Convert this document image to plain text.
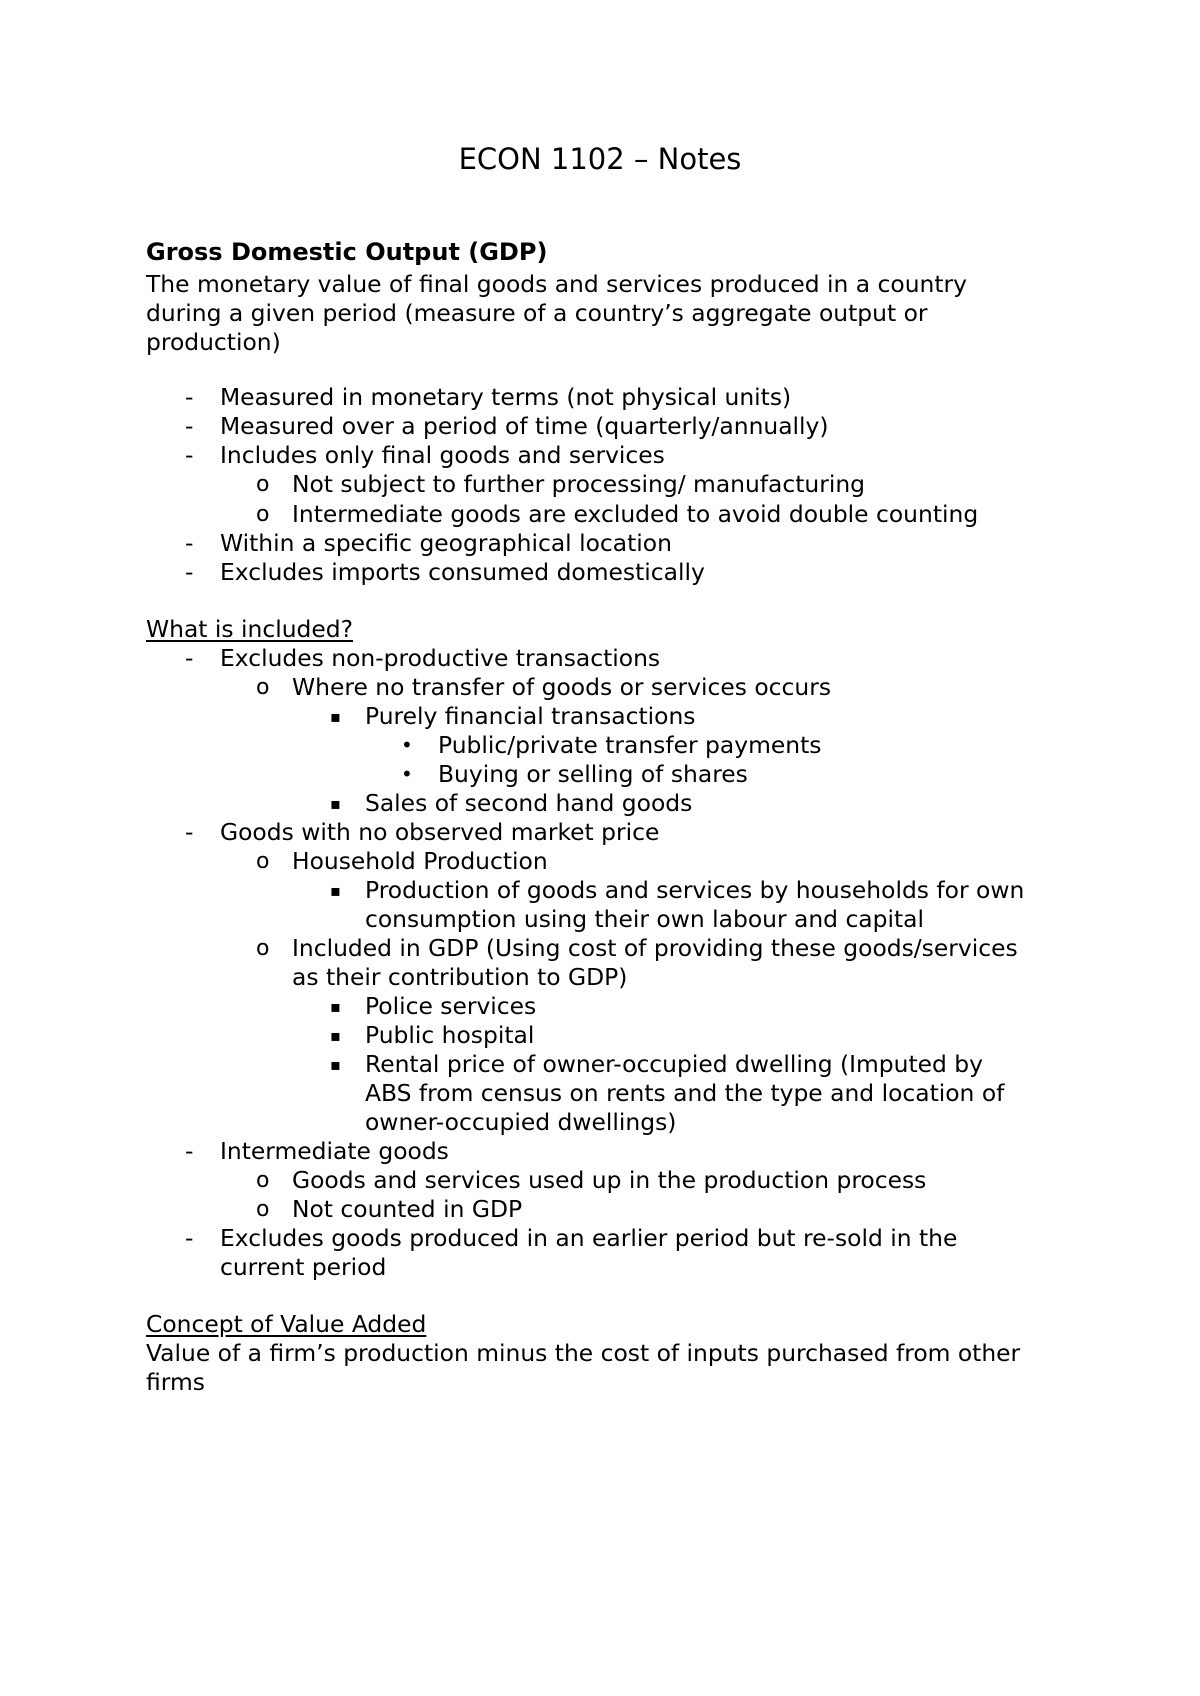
ECON 1102 – Notes
Gross Domestic Output (GDP)
The monetary value of final goods and services produced in a country
during a given period (measure of a country’s aggregate output or
production)
- Measured in monetary terms (not physical units)
- Measured over a period of time (quarterly/annually)
- Includes only final goods and services
o Not subject to further processing/ manufacturing
o Intermediate goods are excluded to avoid double counting
- Within a specific geographical location
- Excludes imports consumed domestically
What is included?
- Excludes non-productive transactions
o Where no transfer of goods or services occurs
▪ Purely financial transactions
• Public/private transfer payments
• Buying or selling of shares
▪ Sales of second hand goods
- Goods with no observed market price
o Household Production
▪ Production of goods and services by households for own
consumption using their own labour and capital
o Included in GDP (Using cost of providing these goods/services
as their contribution to GDP)
▪ Police services
▪ Public hospital
▪ Rental price of owner-occupied dwelling (Imputed by
ABS from census on rents and the type and location of
owner-occupied dwellings)
- Intermediate goods
o Goods and services used up in the production process
o Not counted in GDP
- Excludes goods produced in an earlier period but re-sold in the
current period
Concept of Value Added
Value of a firm’s production minus the cost of inputs purchased from other
firms
